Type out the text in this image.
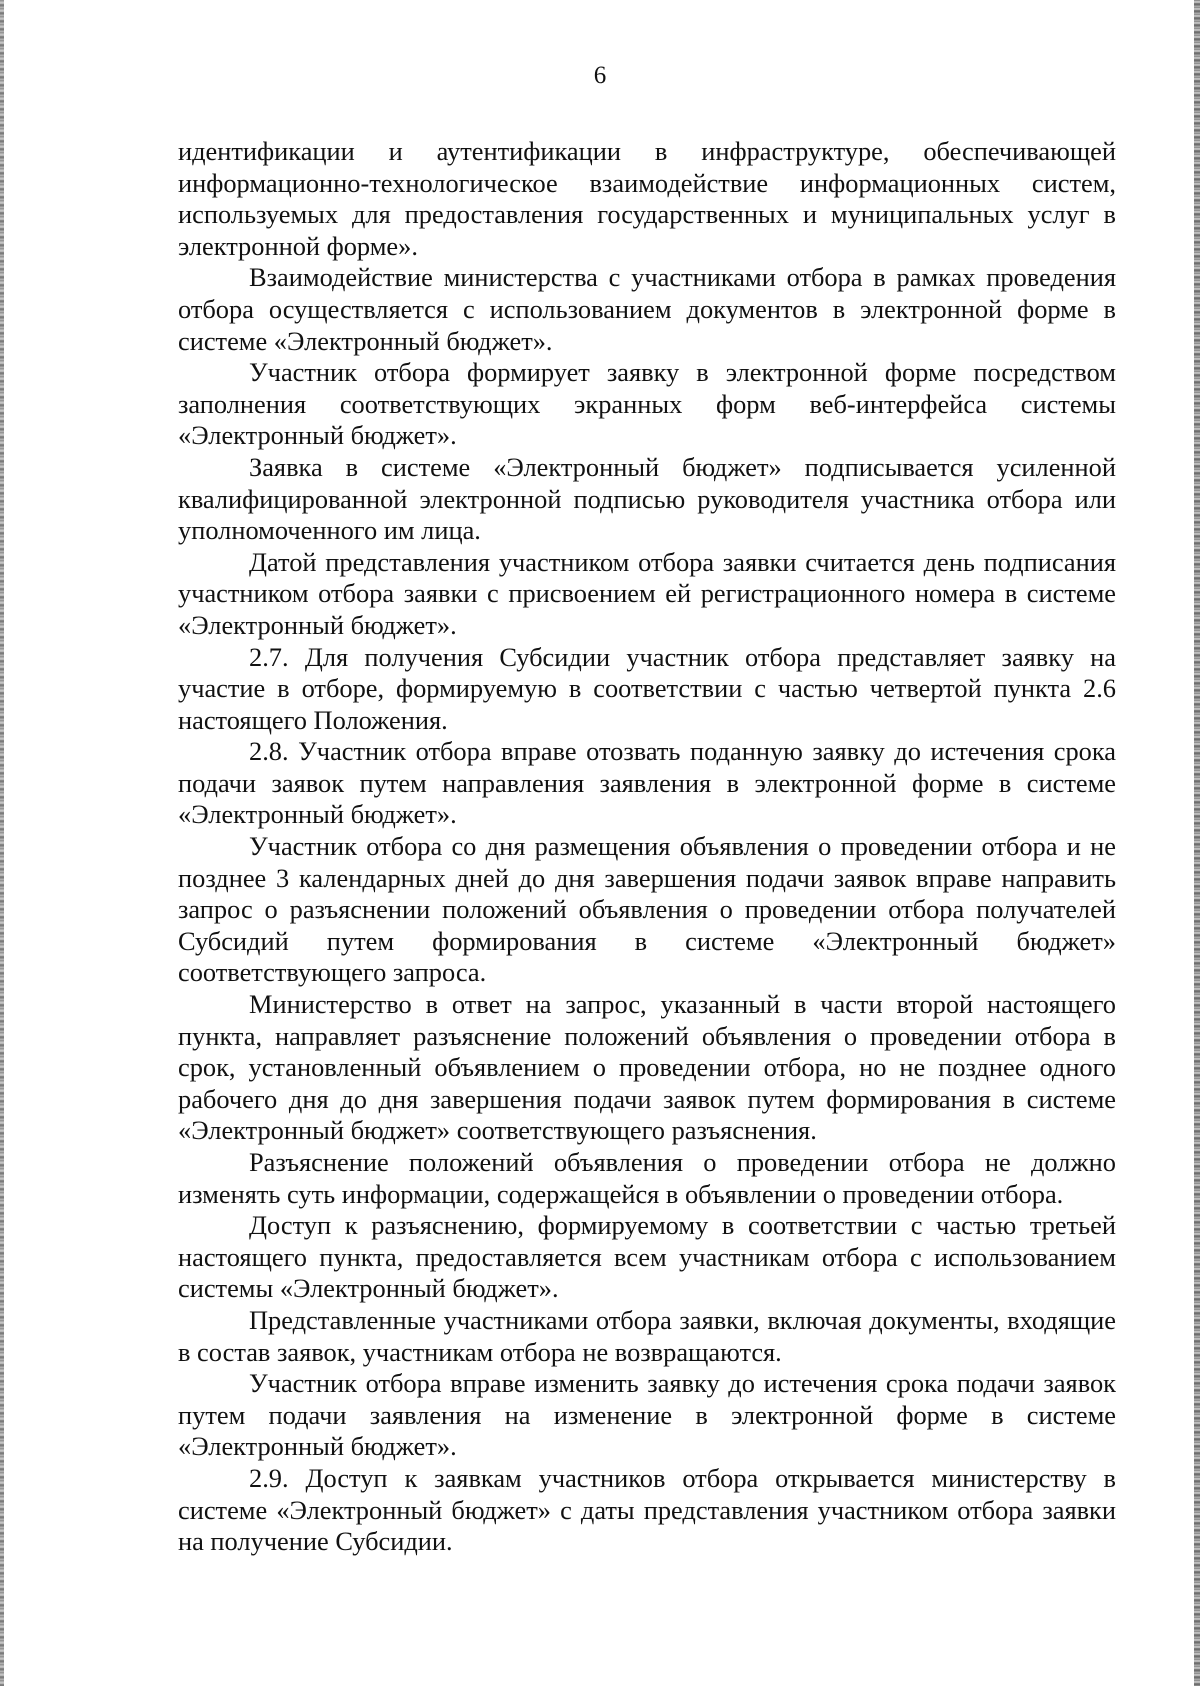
6

идентификации и аутентификации в инфраструктуре, обеспечивающей информационно-технологическое взаимодействие информационных систем, используемых для предоставления государственных и муниципальных услуг в электронной форме».

Взаимодействие министерства с участниками отбора в рамках проведения отбора осуществляется с использованием документов в электронной форме в системе «Электронный бюджет».

Участник отбора формирует заявку в электронной форме посредством заполнения соответствующих экранных форм веб-интерфейса системы «Электронный бюджет».

Заявка в системе «Электронный бюджет» подписывается усиленной квалифицированной электронной подписью руководителя участника отбора или уполномоченного им лица.

Датой представления участником отбора заявки считается день подписания участником отбора заявки с присвоением ей регистрационного номера в системе «Электронный бюджет».

2.7. Для получения Субсидии участник отбора представляет заявку на участие в отборе, формируемую в соответствии с частью четвертой пункта 2.6 настоящего Положения.

2.8. Участник отбора вправе отозвать поданную заявку до истечения срока подачи заявок путем направления заявления в электронной форме в системе «Электронный бюджет».

Участник отбора со дня размещения объявления о проведении отбора и не позднее 3 календарных дней до дня завершения подачи заявок вправе направить запрос о разъяснении положений объявления о проведении отбора получателей Субсидий путем формирования в системе «Электронный бюджет» соответствующего запроса.

Министерство в ответ на запрос, указанный в части второй настоящего пункта, направляет разъяснение положений объявления о проведении отбора в срок, установленный объявлением о проведении отбора, но не позднее одного рабочего дня до дня завершения подачи заявок путем формирования в системе «Электронный бюджет» соответствующего разъяснения.

Разъяснение положений объявления о проведении отбора не должно изменять суть информации, содержащейся в объявлении о проведении отбора.

Доступ к разъяснению, формируемому в соответствии с частью третьей настоящего пункта, предоставляется всем участникам отбора с использованием системы «Электронный бюджет».

Представленные участниками отбора заявки, включая документы, входящие в состав заявок, участникам отбора не возвращаются.

Участник отбора вправе изменить заявку до истечения срока подачи заявок путем подачи заявления на изменение в электронной форме в системе «Электронный бюджет».

2.9. Доступ к заявкам участников отбора открывается министерству в системе «Электронный бюджет» с даты представления участником отбора заявки на получение Субсидии.
